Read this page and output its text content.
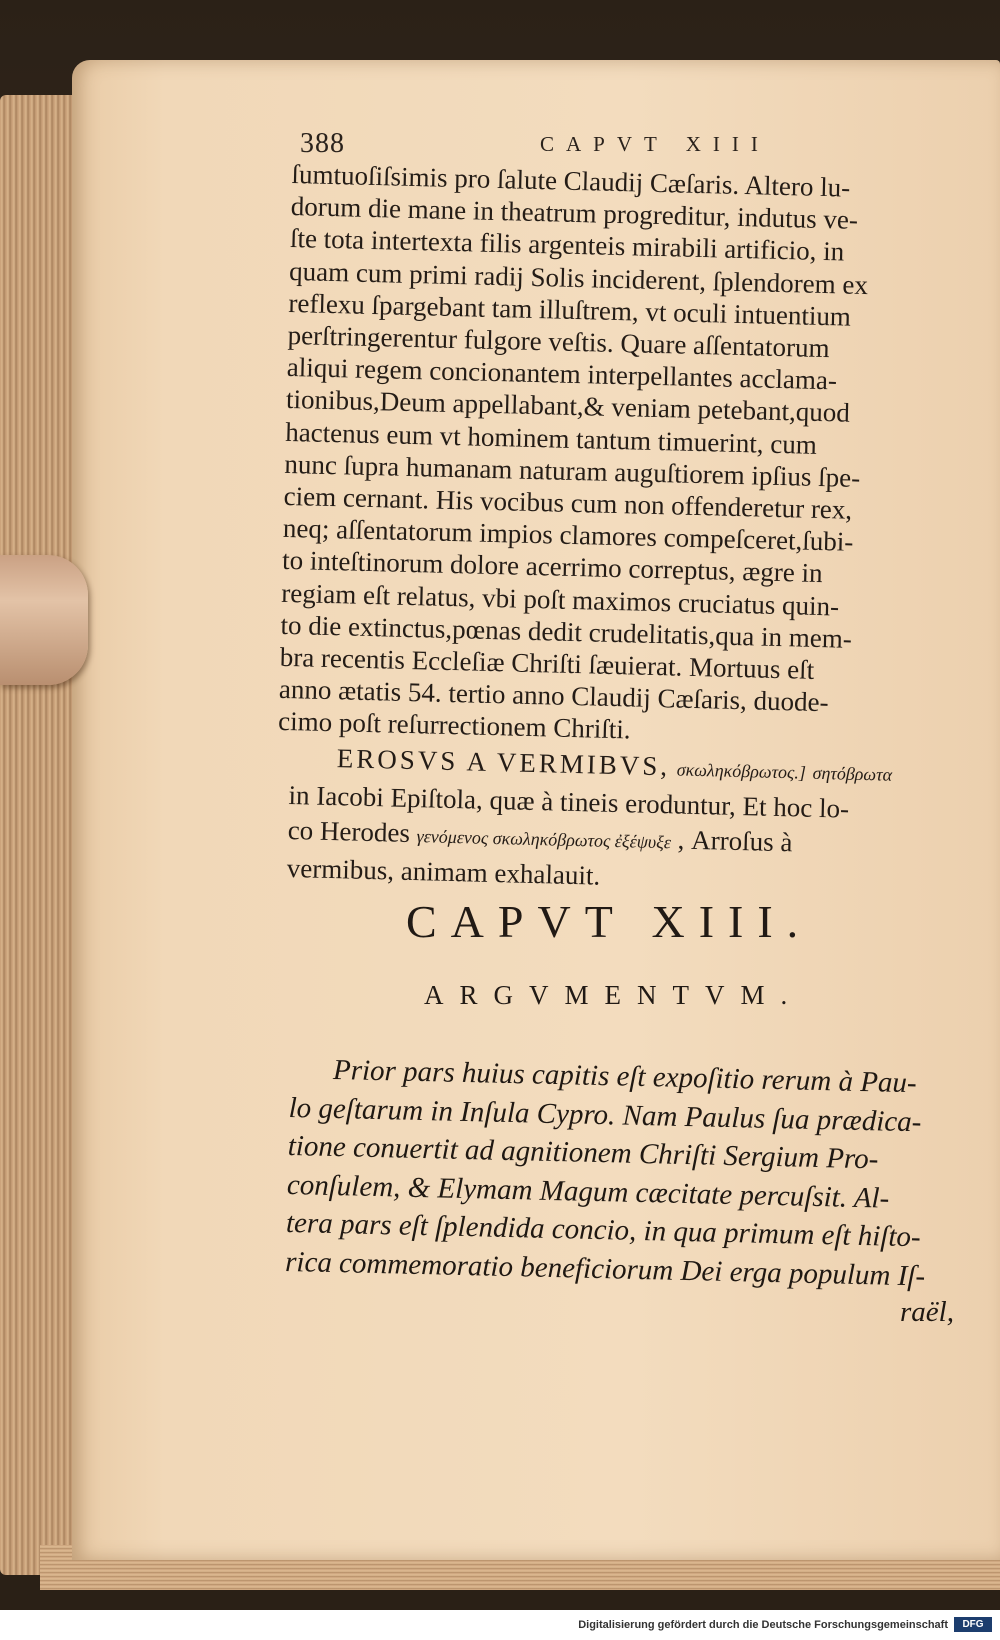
388	CAPVT XIII
ſumtuoſiſsimis pro ſalute Claudij Cæſaris. Altero lu-
dorum die mane in theatrum progreditur, indutus ve-
ſte tota intertexta filis argenteis mirabili artificio, in
quam cum primi radij Solis inciderent, ſplendorem ex
reflexu ſpargebant tam illuſtrem, vt oculi intuentium
perſtringerentur fulgore veſtis. Quare aſſentatorum
aliqui regem concionantem interpellantes acclama-
tionibus,Deum appellabant,& veniam petebant,quod
hactenus eum vt hominem tantum timuerint, cum
nunc ſupra humanam naturam auguſtiorem ipſius ſpe-
ciem cernant. His vocibus cum non offenderetur rex,
neq; aſſentatorum impios clamores compeſceret,ſubi-
to inteſtinorum dolore acerrimo correptus, ægre in
regiam eſt relatus, vbi poſt maximos cruciatus quin-
to die extinctus,pœnas dedit crudelitatis,qua in mem-
bra recentis Eccleſiæ Chriſti ſæuierat. Mortuus eſt
anno ætatis 54. tertio anno Claudij Cæſaris, duode-
cimo poſt reſurrectionem Chriſti.
EROSVS A VERMIBVS, σκωληκόβρωτος.] σητόβρωτα
in Iacobi Epiſtola, quæ à tineis eroduntur, Et hoc lo-
co Herodes γενόμενος σκωληκόβρωτος ἐξέψυξε , Arroſus à
vermibus, animam exhalauit.
CAPVT XIII.
ARGVMENTVM.
Prior pars huius capitis eſt expoſitio rerum à Pau-
lo geſtarum in Inſula Cypro. Nam Paulus ſua prædica-
tione conuertit ad agnitionem Chriſti Sergium Pro-
conſulem, & Elymam Magum cæcitate percuſsit. Al-
tera pars eſt ſplendida concio, in qua primum eſt hiſto-
rica commemoratio beneficiorum Dei erga populum Iſ-
raël,
Digitalisierung gefördert durch die Deutsche Forschungsgemeinschaft	DFG
